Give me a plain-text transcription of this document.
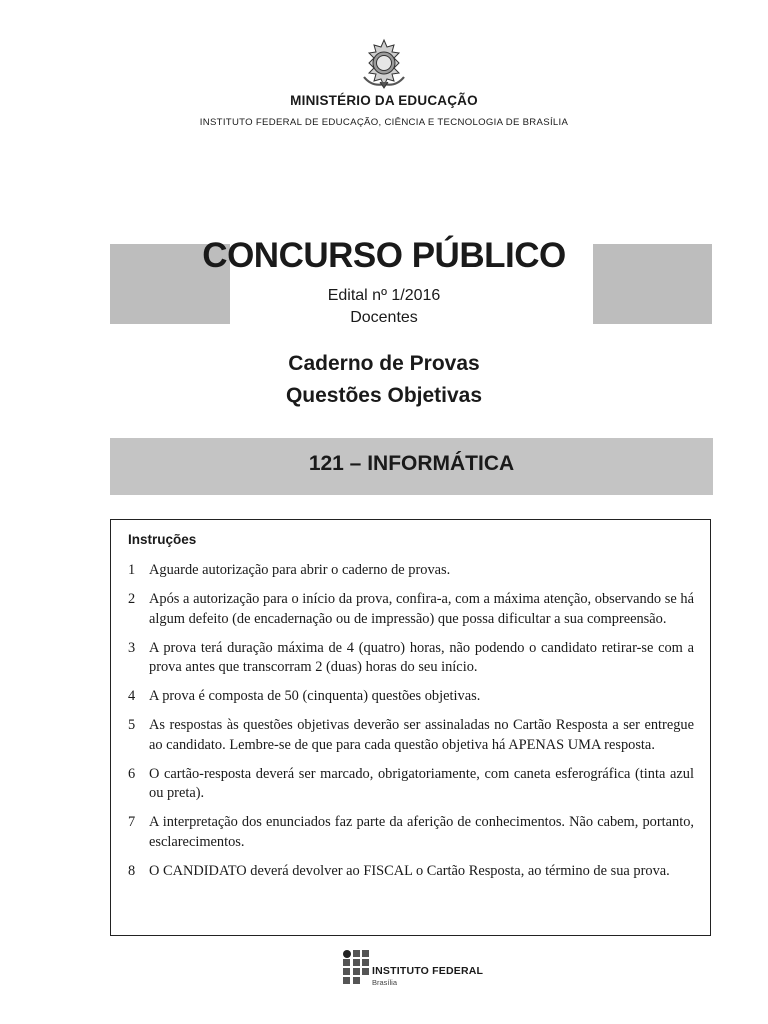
MINISTÉRIO DA EDUCAÇÃO
INSTITUTO FEDERAL DE EDUCAÇÃO, CIÊNCIA E TECNOLOGIA DE BRASÍLIA
CONCURSO PÚBLICO
Edital nº 1/2016
Docentes
Caderno de Provas
Questões Objetivas
121 – INFORMÁTICA
Instruções
1 Aguarde autorização para abrir o caderno de provas.
2 Após a autorização para o início da prova, confira-a, com a máxima atenção, observando se há algum defeito (de encadernação ou de impressão) que possa dificultar a sua compreensão.
3 A prova terá duração máxima de 4 (quatro) horas, não podendo o candidato retirar-se com a prova antes que transcorram 2 (duas) horas do seu início.
4 A prova é composta de 50 (cinquenta) questões objetivas.
5 As respostas às questões objetivas deverão ser assinaladas no Cartão Resposta a ser entregue ao candidato. Lembre-se de que para cada questão objetiva há APENAS UMA resposta.
6 O cartão-resposta deverá ser marcado, obrigatoriamente, com caneta esferográfica (tinta azul ou preta).
7 A interpretação dos enunciados faz parte da aferição de conhecimentos. Não cabem, portanto, esclarecimentos.
8 O CANDIDATO deverá devolver ao FISCAL o Cartão Resposta, ao término de sua prova.
INSTITUTO FEDERAL
Brasília
